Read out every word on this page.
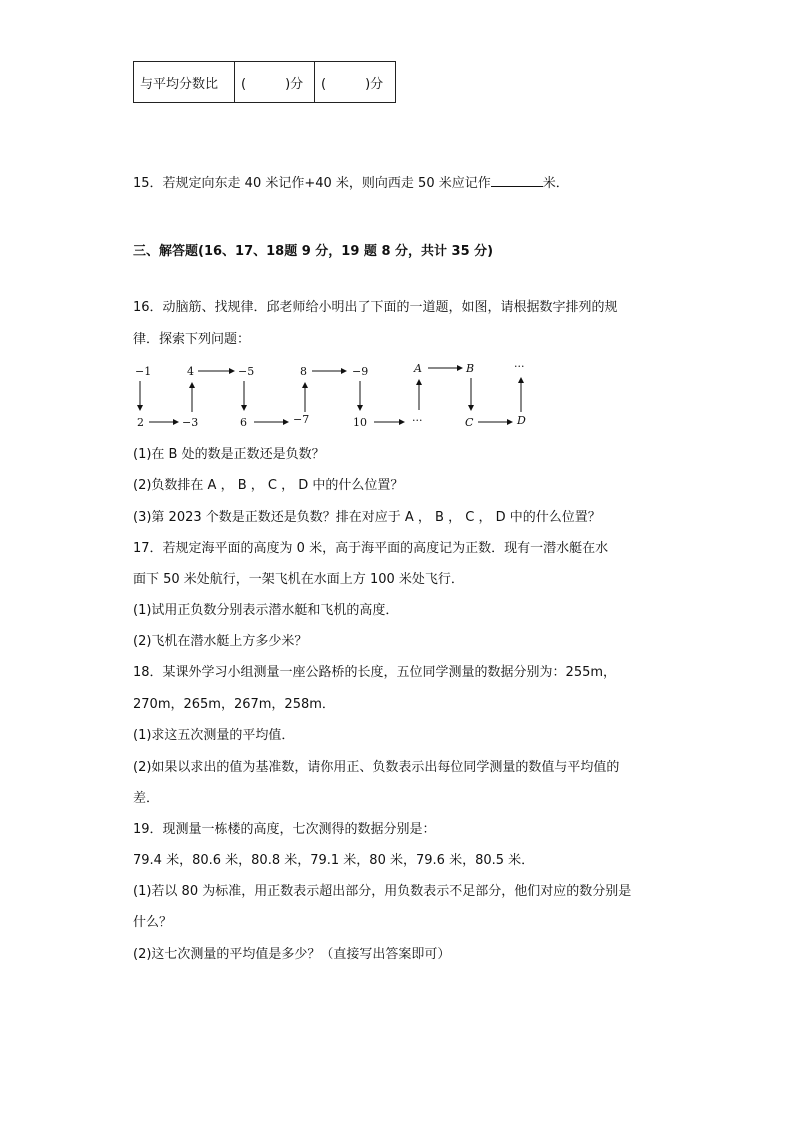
与平均分数比	(　　　)分	(　　　)分
15．若规定向东走 40 米记作+40 米，则向西走 50 米应记作	米．
三、解答题(16、17、18题 9 分，19 题 8 分，共计 35 分)
16．动脑筋、找规律．邱老师给小明出了下面的一道题，如图，请根据数字排列的规
律．探索下列问题：
−1	4	−5	8	−9	A	B	···
2	−3	6	−7	10	···	C	D
(1)在 B 处的数是正数还是负数？
(2)负数排在 A ， B ， C ， D 中的什么位置？
(3)第 2023 个数是正数还是负数？排在对应于 A ， B ， C ， D 中的什么位置？
17．若规定海平面的高度为 0 米，高于海平面的高度记为正数．现有一潜水艇在水
面下 50 米处航行，一架飞机在水面上方 100 米处飞行．
(1)试用正负数分别表示潜水艇和飞机的高度．
(2)飞机在潜水艇上方多少米？
18．某课外学习小组测量一座公路桥的长度，五位同学测量的数据分别为：255m，
270m，265m，267m，258m．
(1)求这五次测量的平均值．
(2)如果以求出的值为基准数，请你用正、负数表示出每位同学测量的数值与平均值的
差．
19．现测量一栋楼的高度，七次测得的数据分别是：
79.4 米，80.6 米，80.8 米，79.1 米，80 米，79.6 米，80.5 米．
(1)若以 80 为标准，用正数表示超出部分，用负数表示不足部分，他们对应的数分别是
什么？
(2)这七次测量的平均值是多少？（直接写出答案即可）
